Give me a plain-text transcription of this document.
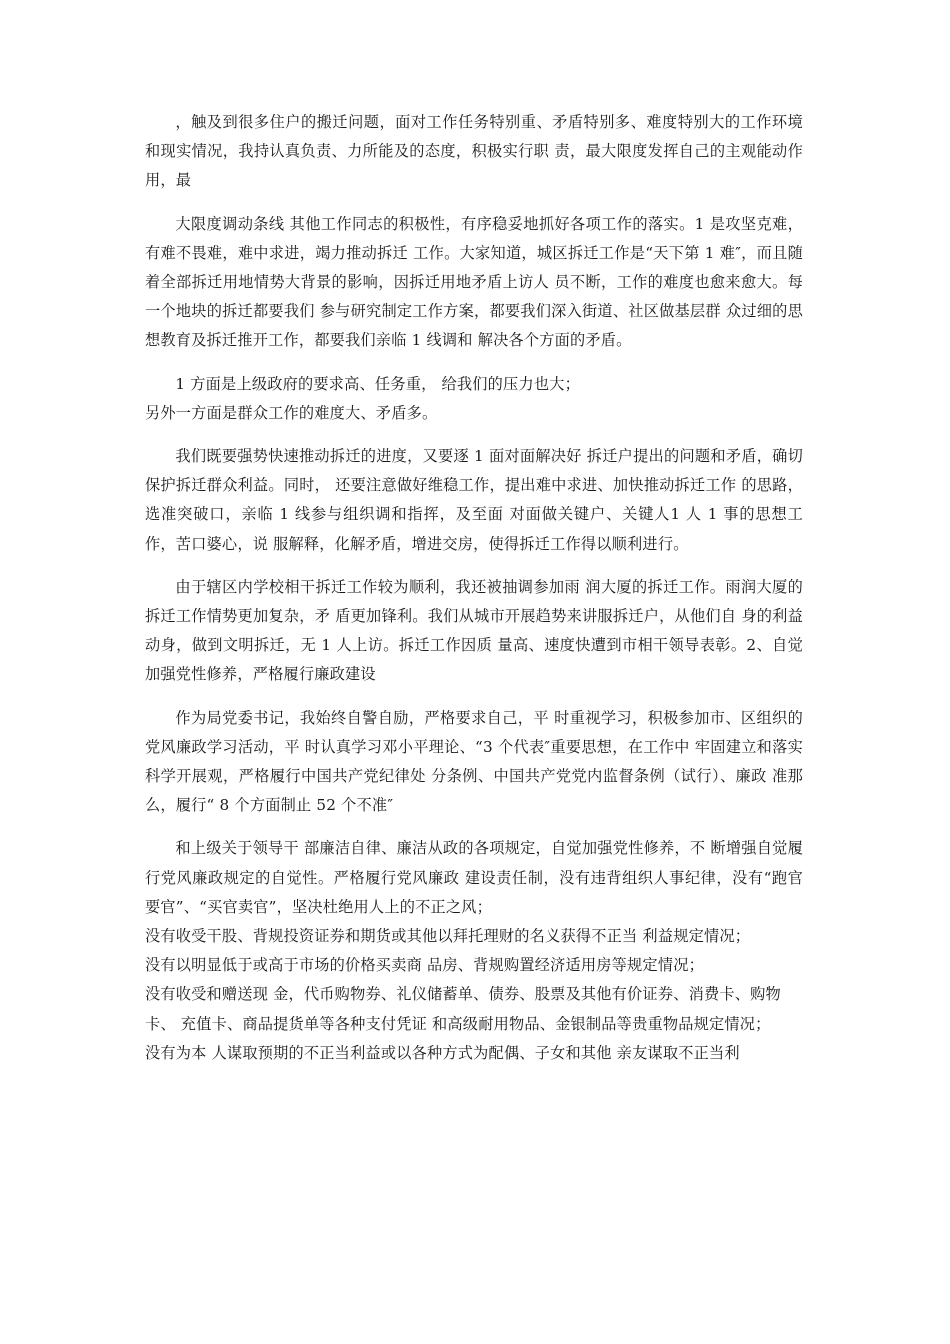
，触及到很多住户的搬迁问题，面对工作任务特别重、矛盾特别多、难度特别大的工作环境 和现实情况，我持认真负责、力所能及的态度，积极实行职 责，最大限度发挥自己的主观能动作用，最

大限度调动条线 其他工作同志的积极性，有序稳妥地抓好各项工作的落实。1 是攻坚克难，有难不畏难，难中求进，竭力推动拆迁 工作。大家知道，城区拆迁工作是“天下第 1 难″，而且随 着全部拆迁用地情势大背景的影响，因拆迁用地矛盾上访人 员不断，工作的难度也愈来愈大。每一个地块的拆迁都要我们 参与研究制定工作方案，都要我们深入街道、社区做基层群 众过细的思想教育及拆迁推开工作，都要我们亲临 1 线调和 解决各个方面的矛盾。

1 方面是上级政府的要求高、任务重， 给我们的压力也大；

另外一方面是群众工作的难度大、矛盾多。

我们既要强势快速推动拆迁的进度，又要逐 1 面对面解决好 拆迁户提出的问题和矛盾，确切保护拆迁群众利益。同时， 还要注意做好维稳工作，提出难中求进、加快推动拆迁工作 的思路，选准突破口，亲临 1 线参与组织调和指挥，及至面 对面做关键户、关键人1 人 1 事的思想工作，苦口婆心，说 服解释，化解矛盾，增进交房，使得拆迁工作得以顺利进行。

由于辖区内学校相干拆迁工作较为顺利，我还被抽调参加雨 润大厦的拆迁工作。雨润大厦的拆迁工作情势更加复杂，矛 盾更加锋利。我们从城市开展趋势来讲服拆迁户，从他们自 身的利益动身，做到文明拆迁，无 1 人上访。拆迁工作因质 量高、速度快遭到市相干领导表彰。2、自觉加强党性修养，严格履行廉政建设

作为局党委书记，我始终自警自励，严格要求自己，平 时重视学习，积极参加市、区组织的党风廉政学习活动，平 时认真学习邓小平理论、“3 个代表″重要思想，在工作中 牢固建立和落实科学开展观，严格履行中国共产党纪律处 分条例、中国共产党党内监督条例（试行）、廉政 准那么，履行“ 8 个方面制止 52 个不准″

和上级关于领导干 部廉洁自律、廉洁从政的各项规定，自觉加强党性修养，不 断增强自觉履行党风廉政规定的自觉性。严格履行党风廉政 建设责任制，没有违背组织人事纪律，没有“跑官要官”、“买官卖官”，坚决杜绝用人上的不正之风；

没有收受干股、背规投资证券和期货或其他以拜托理财的名义获得不正当 利益规定情况；

没有以明显低于或高于市场的价格买卖商 品房、背规购置经济适用房等规定情况；

没有收受和赠送现 金，代币购物券、礼仪储蓄单、债券、股票及其他有价证券、消费卡、购物卡、 充值卡、商品提货单等各种支付凭证 和高级耐用物品、金银制品等贵重物品规定情况；

没有为本 人谋取预期的不正当利益或以各种方式为配偶、子女和其他 亲友谋取不正当利
